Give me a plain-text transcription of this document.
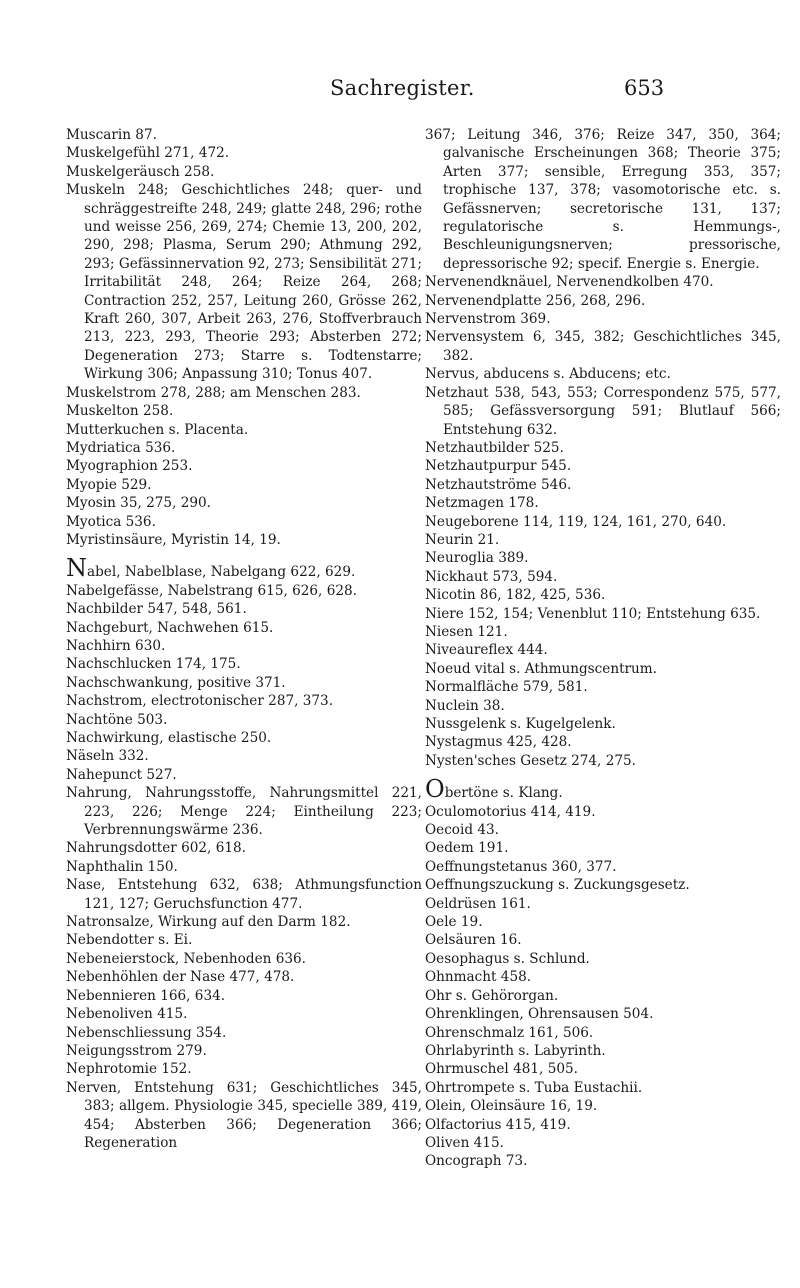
Sachregister.	653
Muscarin 87.
Muskelgefühl 271, 472.
Muskelgeräusch 258.
Muskeln 248; Geschichtliches 248; quer- und schräggestreifte 248, 249; glatte 248, 296; rothe und weisse 256, 269, 274; Chemie 13, 200, 202, 290, 298; Plasma, Serum 290; Athmung 292, 293; Gefässinnervation 92, 273; Sensibilität 271; Irritabilität 248, 264; Reize 264, 268; Contraction 252, 257, Leitung 260, Grösse 262, Kraft 260, 307, Arbeit 263, 276, Stoffverbrauch 213, 223, 293, Theorie 293; Absterben 272; Degeneration 273; Starre s. Todtenstarre; Wirkung 306; Anpassung 310; Tonus 407.
Muskelstrom 278, 288; am Menschen 283.
Muskelton 258.
Mutterkuchen s. Placenta.
Mydriatica 536.
Myographion 253.
Myopie 529.
Myosin 35, 275, 290.
Myotica 536.
Myristinsäure, Myristin 14, 19.
Nabel, Nabelblase, Nabelgang 622, 629.
Nabelgefässe, Nabelstrang 615, 626, 628.
Nachbilder 547, 548, 561.
Nachgeburt, Nachwehen 615.
Nachhirn 630.
Nachschlucken 174, 175.
Nachschwankung, positive 371.
Nachstrom, electrotonischer 287, 373.
Nachtöne 503.
Nachwirkung, elastische 250.
Näseln 332.
Nahepunct 527.
Nahrung, Nahrungsstoffe, Nahrungsmittel 221, 223, 226; Menge 224; Eintheilung 223; Verbrennungswärme 236.
Nahrungsdotter 602, 618.
Naphthalin 150.
Nase, Entstehung 632, 638; Athmungsfunction 121, 127; Geruchsfunction 477.
Natronsalze, Wirkung auf den Darm 182.
Nebendotter s. Ei.
Nebeneierstock, Nebenhoden 636.
Nebenhöhlen der Nase 477, 478.
Nebennieren 166, 634.
Nebenoliven 415.
Nebenschliessung 354.
Neigungsstrom 279.
Nephrotomie 152.
Nerven, Entstehung 631; Geschichtliches 345, 383; allgem. Physiologie 345, specielle 389, 419, 454; Absterben 366; Degeneration 366; Regeneration
367; Leitung 346, 376; Reize 347, 350, 364; galvanische Erscheinungen 368; Theorie 375; Arten 377; sensible, Erregung 353, 357; trophische 137, 378; vasomotorische etc. s. Gefässnerven; secretorische 131, 137; regulatorische s. Hemmungs-, Beschleunigungsnerven; pressorische, depressorische 92; specif. Energie s. Energie.
Nervenendknäuel, Nervenendkolben 470.
Nervenendplatte 256, 268, 296.
Nervenstrom 369.
Nervensystem 6, 345, 382; Geschichtliches 345, 382.
Nervus, abducens s. Abducens; etc.
Netzhaut 538, 543, 553; Correspondenz 575, 577, 585; Gefässversorgung 591; Blutlauf 566; Entstehung 632.
Netzhautbilder 525.
Netzhautpurpur 545.
Netzhautströme 546.
Netzmagen 178.
Neugeborene 114, 119, 124, 161, 270, 640.
Neurin 21.
Neuroglia 389.
Nickhaut 573, 594.
Nicotin 86, 182, 425, 536.
Niere 152, 154; Venenblut 110; Entstehung 635.
Niesen 121.
Niveaureflex 444.
Noeud vital s. Athmungscentrum.
Normalfläche 579, 581.
Nuclein 38.
Nussgelenk s. Kugelgelenk.
Nystagmus 425, 428.
Nysten'sches Gesetz 274, 275.
Obertöne s. Klang.
Oculomotorius 414, 419.
Oecoid 43.
Oedem 191.
Oeffnungstetanus 360, 377.
Oeffnungszuckung s. Zuckungsgesetz.
Oeldrüsen 161.
Oele 19.
Oelsäuren 16.
Oesophagus s. Schlund.
Ohnmacht 458.
Ohr s. Gehörorgan.
Ohrenklingen, Ohrensausen 504.
Ohrenschmalz 161, 506.
Ohrlabyrinth s. Labyrinth.
Ohrmuschel 481, 505.
Ohrtrompete s. Tuba Eustachii.
Olein, Oleinsäure 16, 19.
Olfactorius 415, 419.
Oliven 415.
Oncograph 73.
